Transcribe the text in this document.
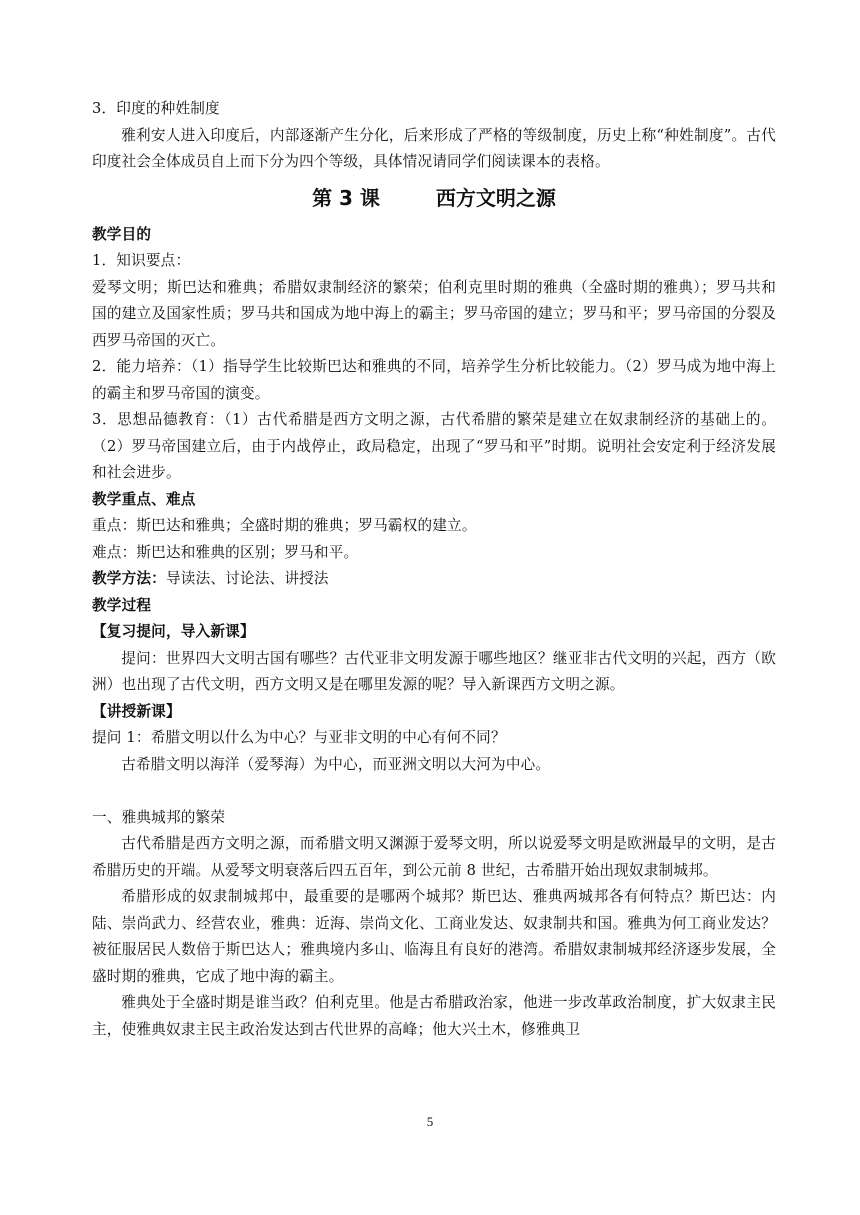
3．印度的种姓制度
雅利安人进入印度后，内部逐渐产生分化，后来形成了严格的等级制度，历史上称“种姓制度”。古代印度社会全体成员自上而下分为四个等级，具体情况请同学们阅读课本的表格。
第 3 课	西方文明之源
教学目的
1．知识要点：
爱琴文明；斯巴达和雅典；希腊奴隶制经济的繁荣；伯利克里时期的雅典（全盛时期的雅典）；罗马共和国的建立及国家性质；罗马共和国成为地中海上的霸主；罗马帝国的建立；罗马和平；罗马帝国的分裂及西罗马帝国的灭亡。
2．能力培养：（1）指导学生比较斯巴达和雅典的不同，培养学生分析比较能力。（2）罗马成为地中海上的霸主和罗马帝国的演变。
3．思想品德教育：（1）古代希腊是西方文明之源，古代希腊的繁荣是建立在奴隶制经济的基础上的。（2）罗马帝国建立后，由于内战停止，政局稳定，出现了“罗马和平”时期。说明社会安定利于经济发展和社会进步。
教学重点、难点
重点：斯巴达和雅典；全盛时期的雅典；罗马霸权的建立。
难点：斯巴达和雅典的区别；罗马和平。
教学方法：导读法、讨论法、讲授法
教学过程
【复习提问，导入新课】
提问：世界四大文明古国有哪些？古代亚非文明发源于哪些地区？继亚非古代文明的兴起，西方（欧洲）也出现了古代文明，西方文明又是在哪里发源的呢？导入新课西方文明之源。
【讲授新课】
提问 1：希腊文明以什么为中心？与亚非文明的中心有何不同？
古希腊文明以海洋（爱琴海）为中心，而亚洲文明以大河为中心。
一、雅典城邦的繁荣
古代希腊是西方文明之源，而希腊文明又渊源于爱琴文明，所以说爱琴文明是欧洲最早的文明，是古希腊历史的开端。从爱琴文明衰落后四五百年，到公元前 8 世纪，古希腊开始出现奴隶制城邦。
希腊形成的奴隶制城邦中，最重要的是哪两个城邦？斯巴达、雅典两城邦各有何特点？斯巴达：内陆、崇尚武力、经营农业，雅典：近海、崇尚文化、工商业发达、奴隶制共和国。雅典为何工商业发达？被征服居民人数倍于斯巴达人；雅典境内多山、临海且有良好的港湾。希腊奴隶制城邦经济逐步发展，全盛时期的雅典，它成了地中海的霸主。
雅典处于全盛时期是谁当政？伯利克里。他是古希腊政治家，他进一步改革政治制度，扩大奴隶主民主，使雅典奴隶主民主政治发达到古代世界的高峰；他大兴土木，修雅典卫
5
